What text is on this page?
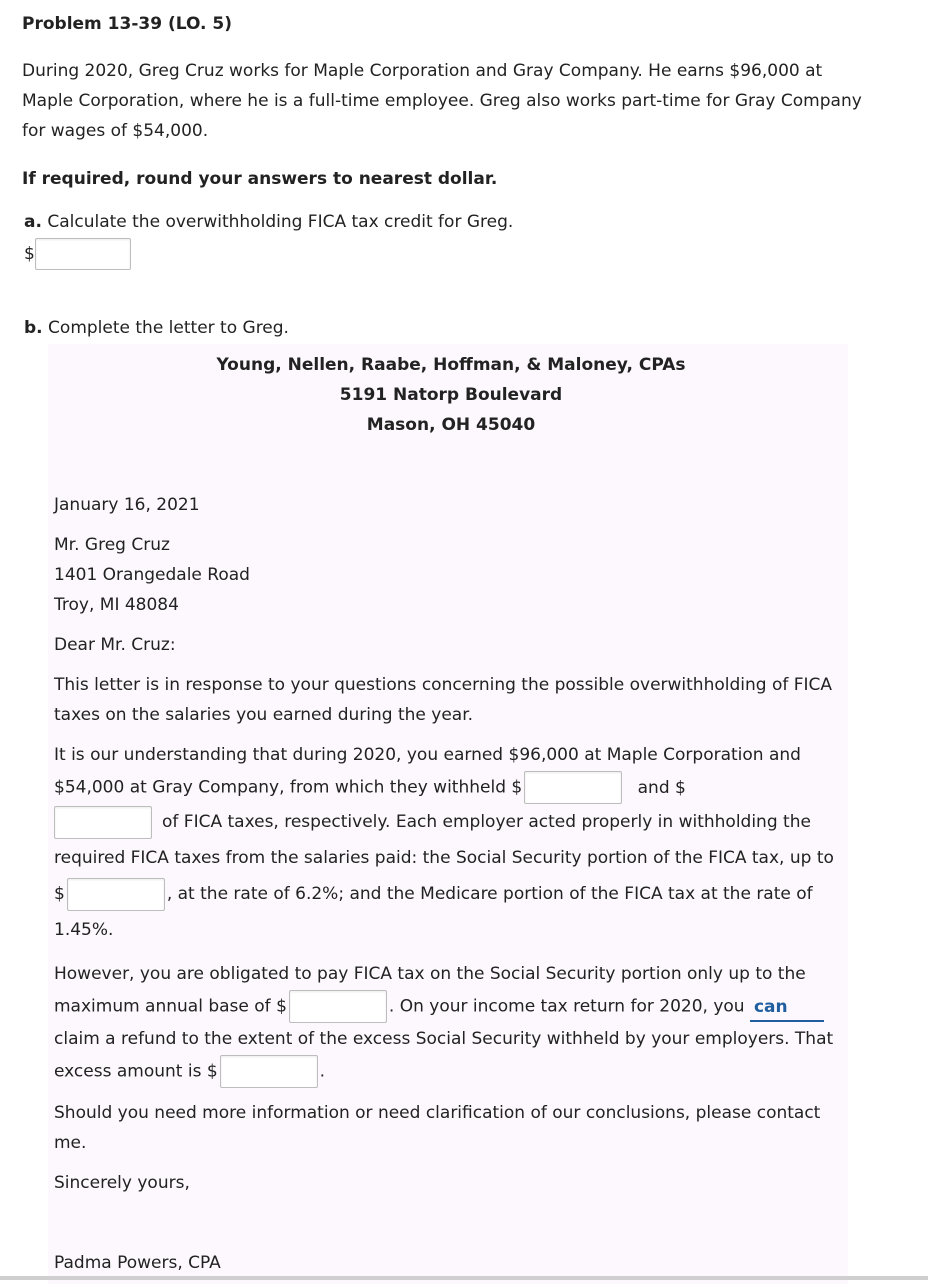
Problem 13-39 (LO. 5)

During 2020, Greg Cruz works for Maple Corporation and Gray Company. He earns $96,000 at Maple Corporation, where he is a full-time employee. Greg also works part-time for Gray Company for wages of $54,000.

If required, round your answers to nearest dollar.

a. Calculate the overwithholding FICA tax credit for Greg.

$

b. Complete the letter to Greg.

Young, Nellen, Raabe, Hoffman, & Maloney, CPAs
5191 Natorp Boulevard
Mason, OH 45040

January 16, 2021

Mr. Greg Cruz

1401 Orangedale Road

Troy, MI 48084

Dear Mr. Cruz:

This letter is in response to your questions concerning the possible overwithholding of FICA taxes on the salaries you earned during the year.

It is our understanding that during 2020, you earned $96,000 at Maple Corporation and $54,000 at Gray Company, from which they withheld $	and $

of FICA taxes, respectively. Each employer acted properly in withholding the required FICA taxes from the salaries paid: the Social Security portion of the FICA tax, up to $	, at the rate of 6.2%; and the Medicare portion of the FICA tax at the rate of 1.45%.

However, you are obligated to pay FICA tax on the Social Security portion only up to the maximum annual base of $	. On your income tax return for 2020, you canclaim a refund to the extent of the excess Social Security withheld by your employers. That excess amount is $	.

Should you need more information or need clarification of our conclusions, please contact me.

Sincerely yours,

Padma Powers, CPA
